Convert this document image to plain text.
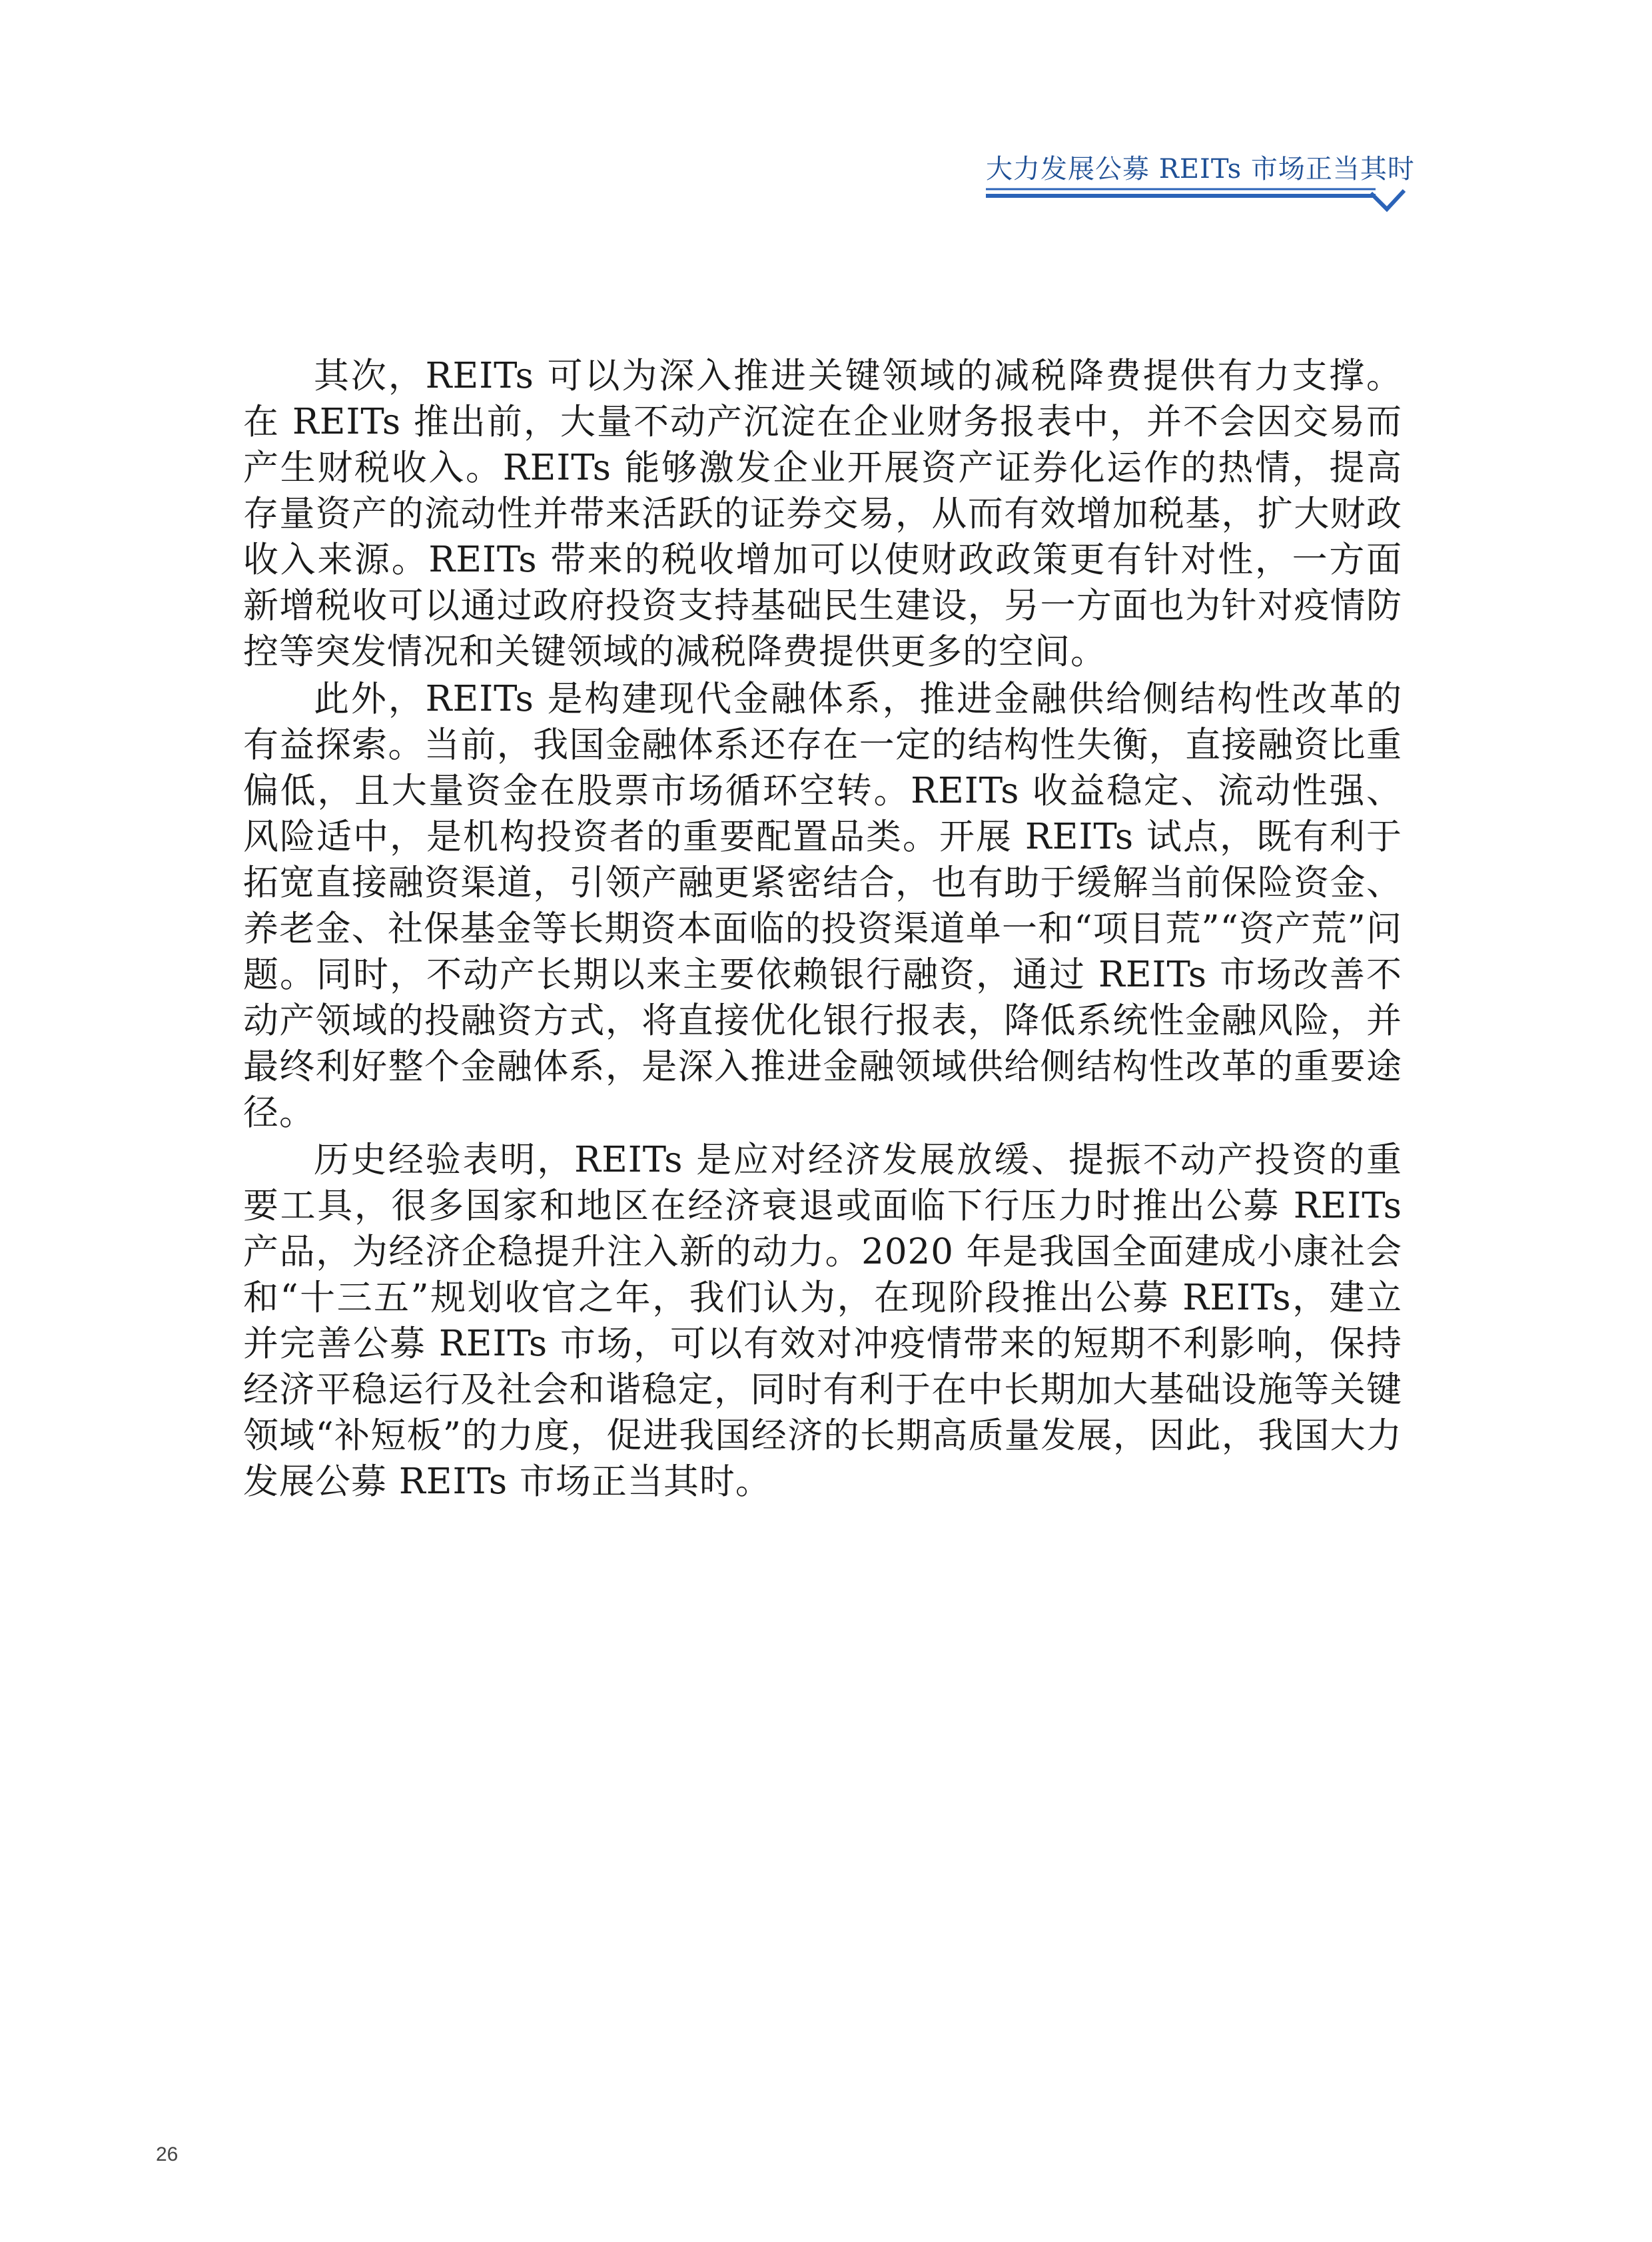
大力发展公募 REITs 市场正当其时

其次，REITs 可以为深入推进关键领域的减税降费提供有力支撑。在 REITs 推出前，大量不动产沉淀在企业财务报表中，并不会因交易而产生财税收入。REITs 能够激发企业开展资产证券化运作的热情，提高存量资产的流动性并带来活跃的证券交易，从而有效增加税基，扩大财政收入来源。REITs 带来的税收增加可以使财政政策更有针对性，一方面新增税收可以通过政府投资支持基础民生建设，另一方面也为针对疫情防控等突发情况和关键领域的减税降费提供更多的空间。

此外，REITs 是构建现代金融体系，推进金融供给侧结构性改革的有益探索。当前，我国金融体系还存在一定的结构性失衡，直接融资比重偏低，且大量资金在股票市场循环空转。REITs 收益稳定、流动性强、风险适中，是机构投资者的重要配置品类。开展 REITs 试点，既有利于拓宽直接融资渠道，引领产融更紧密结合，也有助于缓解当前保险资金、养老金、社保基金等长期资本面临的投资渠道单一和“项目荒”“资产荒”问题。同时，不动产长期以来主要依赖银行融资，通过 REITs 市场改善不动产领域的投融资方式，将直接优化银行报表，降低系统性金融风险，并最终利好整个金融体系，是深入推进金融领域供给侧结构性改革的重要途径。

历史经验表明，REITs 是应对经济发展放缓、提振不动产投资的重要工具，很多国家和地区在经济衰退或面临下行压力时推出公募 REITs 产品，为经济企稳提升注入新的动力。2020 年是我国全面建成小康社会和“十三五”规划收官之年，我们认为，在现阶段推出公募 REITs，建立并完善公募 REITs 市场，可以有效对冲疫情带来的短期不利影响，保持经济平稳运行及社会和谐稳定，同时有利于在中长期加大基础设施等关键领域“补短板”的力度，促进我国经济的长期高质量发展，因此，我国大力发展公募 REITs 市场正当其时。

26
